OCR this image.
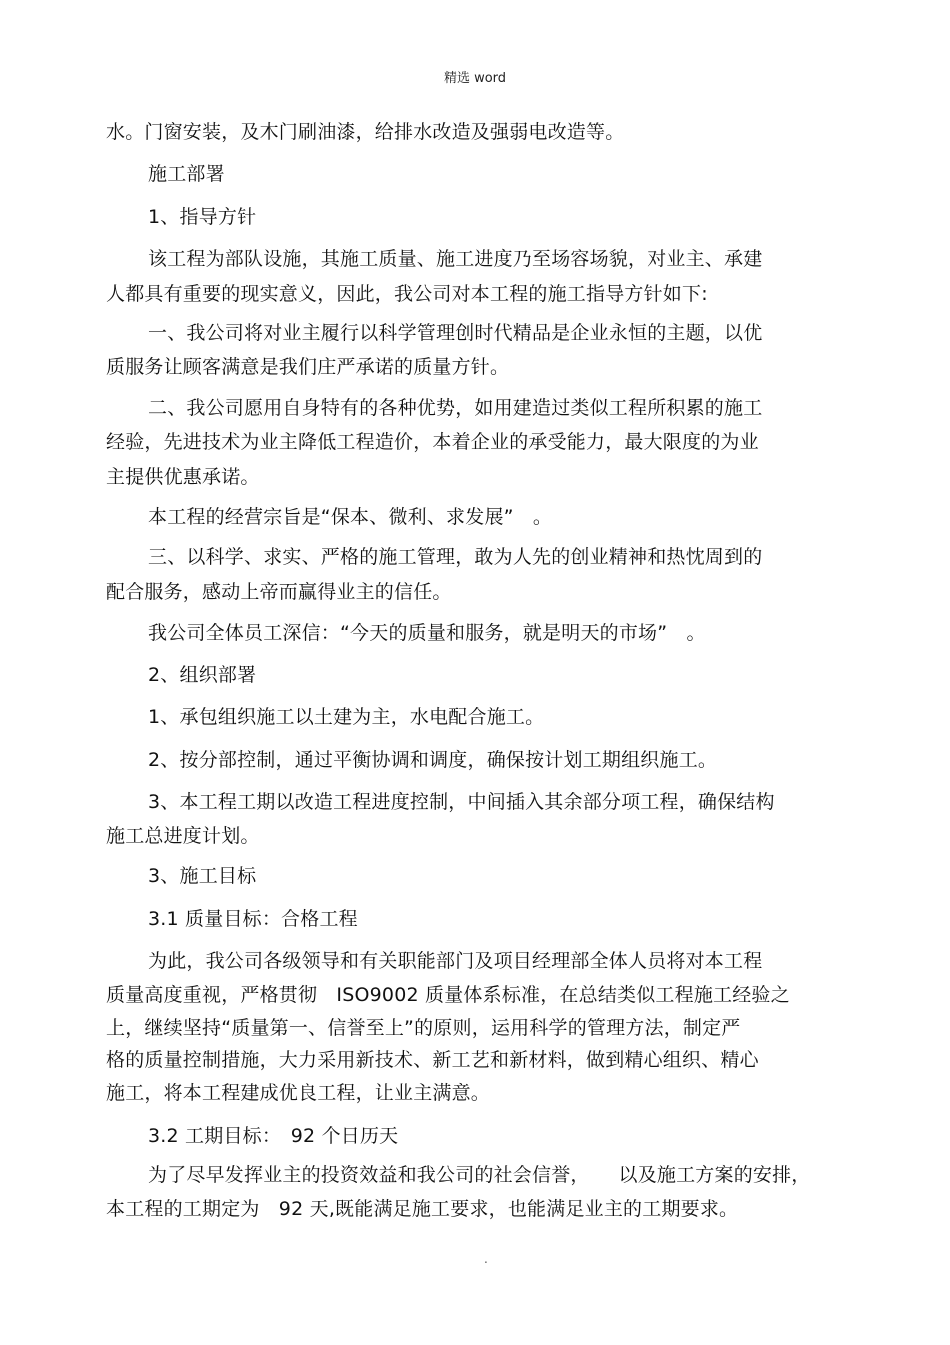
精选 word
水。门窗安装，及木门刷油漆，给排水改造及强弱电改造等。
施工部署
1、指导方针
该工程为部队设施，其施工质量、施工进度乃至场容场貌，对业主、承建
人都具有重要的现实意义，因此，我公司对本工程的施工指导方针如下:
一、我公司将对业主履行以科学管理创时代精品是企业永恒的主题，以优
质服务让顾客满意是我们庄严承诺的质量方针。
二、我公司愿用自身特有的各种优势，如用建造过类似工程所积累的施工
经验，先进技术为业主降低工程造价，本着企业的承受能力，最大限度的为业
主提供优惠承诺。
本工程的经营宗旨是“保本、微利、求发展”　。
三、以科学、求实、严格的施工管理，敢为人先的创业精神和热忱周到的
配合服务，感动上帝而赢得业主的信任。
我公司全体员工深信：“今天的质量和服务，就是明天的市场”　。
2、组织部署
1、承包组织施工以土建为主，水电配合施工。
2、按分部控制，通过平衡协调和调度，确保按计划工期组织施工。
3、本工程工期以改造工程进度控制，中间插入其余部分项工程，确保结构
施工总进度计划。
3、施工目标
3.1 质量目标：合格工程
为此，我公司各级领导和有关职能部门及项目经理部全体人员将对本工程
质量高度重视，严格贯彻　ISO9002 质量体系标准，在总结类似工程施工经验之
上，继续坚持“质量第一、信誉至上”的原则，运用科学的管理方法，制定严
格的质量控制措施，大力采用新技术、新工艺和新材料，做到精心组织、精心
施工，将本工程建成优良工程，让业主满意。
3.2 工期目标：　92 个日历天
为了尽早发挥业主的投资效益和我公司的社会信誉，　　以及施工方案的安排，
本工程的工期定为　92 天,既能满足施工要求，也能满足业主的工期要求。
.
